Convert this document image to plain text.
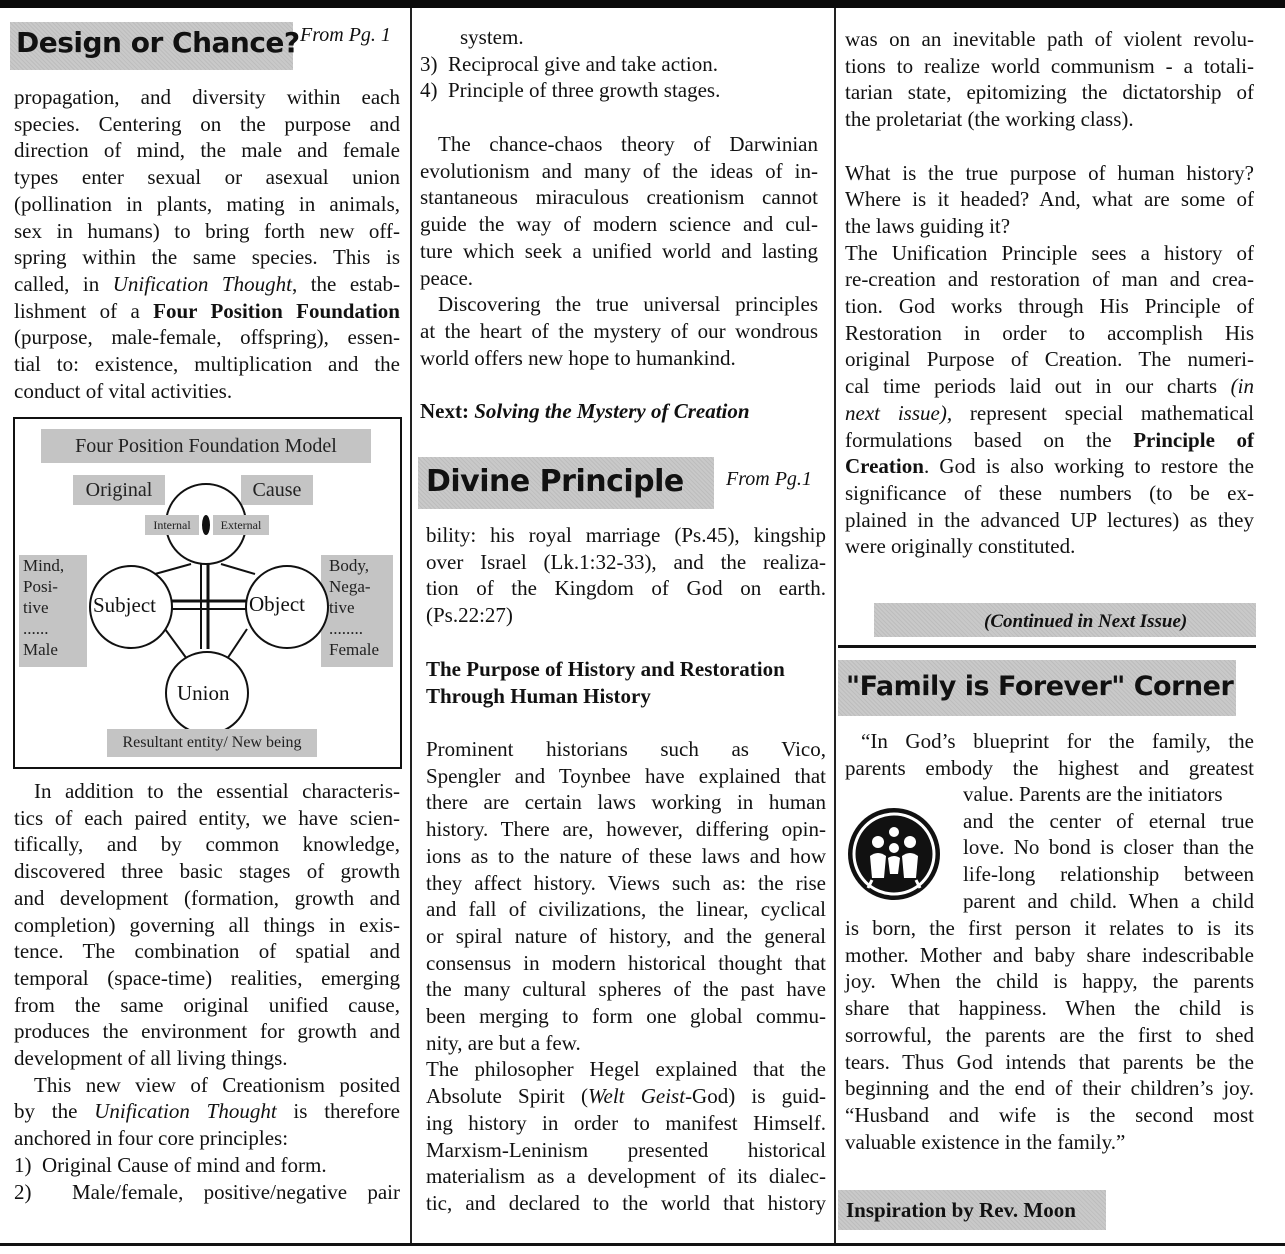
Design or Chance? From Pg. 1

propagation, and diversity within each

species. Centering on the purpose and

direction of mind, the male and female

types enter sexual or asexual union

(pollination in plants, mating in animals,

sex in humans) to bring forth new off-

spring within the same species. This is

called, in Unification Thought, the estab-

lishment of a Four Position Foundation

(purpose, male-female, offspring), essen-

tial to: existence, multiplication and the

conduct of vital activities.

Four Position Foundation Model
Original	Cause
Internal	External
Mind,
Posi-
tive
......
Male
Body,
Nega-
tive
........
Female
Subject	Object
Union
Resultant entity/ New being

In addition to the essential characteris-

tics of each paired entity, we have scien-

tifically, and by common knowledge,

discovered three basic stages of growth

and development (formation, growth and

completion) governing all things in exis-

tence. The combination of spatial and

temporal (space-time) realities, emerging

from the same original unified cause,

produces the environment for growth and

development of all living things.

This new view of Creationism posited

by the Unification Thought is therefore

anchored in four core principles:

1)  Original Cause of mind and form.

2)  Male/female, positive/negative pair

system.

3)  Reciprocal give and take action.

4)  Principle of three growth stages.

The chance-chaos theory of Darwinian

evolutionism and many of the ideas of in-

stantaneous miraculous creationism cannot

guide the way of modern science and cul-

ture which seek a unified world and lasting

peace.

Discovering the true universal principles

at the heart of the mystery of our wondrous

world offers new hope to humankind.

Next: Solving the Mystery of Creation
Divine Principle From Pg.1

bility: his royal marriage (Ps.45), kingship

over Israel (Lk.1:32-33), and the realiza-

tion of the Kingdom of God on earth.

(Ps.22:27)

The Purpose of History and Restoration

Through Human History

Prominent historians such as Vico,

Spengler and Toynbee have explained that

there are certain laws working in human

history. There are, however, differing opin-

ions as to the nature of these laws and how

they affect history. Views such as: the rise

and fall of civilizations, the linear, cyclical

or spiral nature of history, and the general

consensus in modern historical thought that

the many cultural spheres of the past have

been merging to form one global commu-

nity, are but a few.

The philosopher Hegel explained that the

Absolute Spirit (Welt Geist-God) is guid-

ing history in order to manifest Himself.

Marxism-Leninism presented historical

materialism as a development of its dialec-

tic, and declared to the world that history

was on an inevitable path of violent revolu-

tions to realize world communism - a totali-

tarian state, epitomizing the dictatorship of

the proletariat (the working class).

What is the true purpose of human history?

Where is it headed? And, what are some of

the laws guiding it?

The Unification Principle sees a history of

re-creation and restoration of man and crea-

tion. God works through His Principle of

Restoration in order to accomplish His

original Purpose of Creation. The numeri-

cal time periods laid out in our charts (in

next issue), represent special mathematical

formulations based on the Principle of

Creation. God is also working to restore the

significance of these numbers (to be ex-

plained in the advanced UP lectures) as they

were originally constituted.

(Continued in Next Issue)
"Family is Forever" Corner

“In God’s blueprint for the family, the

parents embody the highest and greatest

value. Parents are the initiators

and the center of eternal true

love. No bond is closer than the

life-long relationship between

parent and child. When a child

is born, the first person it relates to is its

mother. Mother and baby share indescribable

joy. When the child is happy, the parents

share that happiness. When the child is

sorrowful, the parents are the first to shed

tears. Thus God intends that parents be the

beginning and the end of their children’s joy.

“Husband and wife is the second most

valuable existence in the family.”

Inspiration by Rev. Moon
